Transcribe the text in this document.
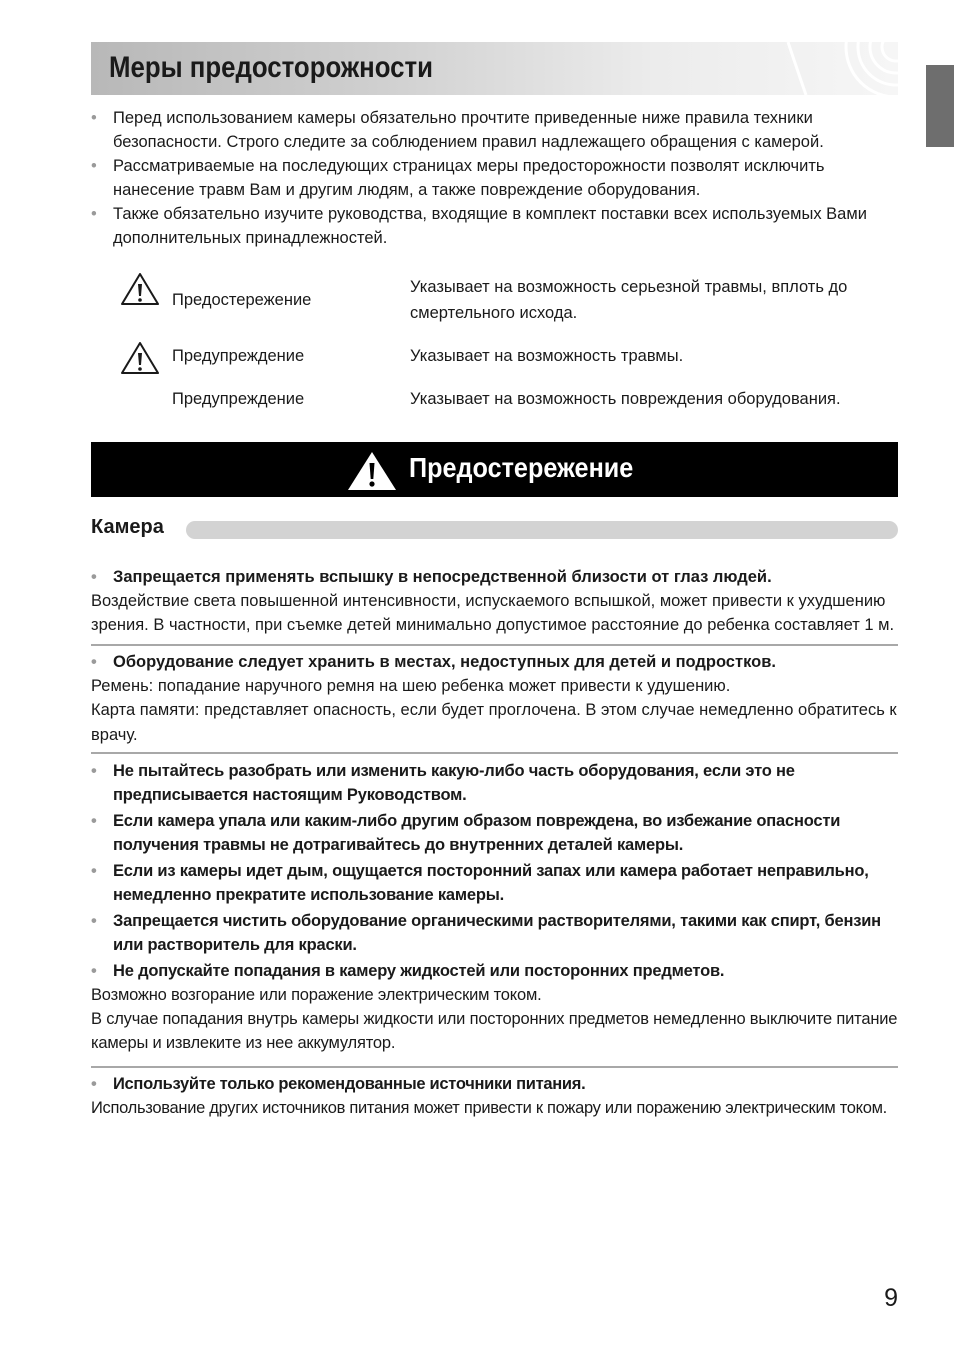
Меры предосторожности
• Перед использованием камеры обязательно прочтите приведенные ниже правила техники безопасности. Строго следите за соблюдением правил надлежащего обращения с камерой.
• Рассматриваемые на последующих страницах меры предосторожности позволят исключить нанесение травм Вам и другим людям, а также повреждение оборудования.
• Также обязательно изучите руководства, входящие в комплект поставки всех используемых Вами дополнительных принадлежностей.
Предостережение
Указывает на возможность серьезной травмы, вплоть до смертельного исхода.
Предупреждение	Указывает на возможность травмы.
Предупреждение	Указывает на возможность повреждения оборудования.
Предостережение
Камера
• Запрещается применять вспышку в непосредственной близости от глаз людей.
Воздействие света повышенной интенсивности, испускаемого вспышкой, может привести к ухудшению зрения. В частности, при съемке детей минимально допустимое расстояние до ребенка составляет 1 м.
• Оборудование следует хранить в местах, недоступных для детей и подростков.
Ремень: попадание наручного ремня на шею ребенка может привести к удушению.
Карта памяти: представляет опасность, если будет проглочена. В этом случае немедленно обратитесь к врачу.
• Не пытайтесь разобрать или изменить какую-либо часть оборудования, если это не предписывается настоящим Руководством.
• Если камера упала или каким-либо другим образом повреждена, во избежание опасности получения травмы не дотрагивайтесь до внутренних деталей камеры.
• Если из камеры идет дым, ощущается посторонний запах или камера работает неправильно, немедленно прекратите использование камеры.
• Запрещается чистить оборудование органическими растворителями, такими как спирт, бензин или растворитель для краски.
• Не допускайте попадания в камеру жидкостей или посторонних предметов.
Возможно возгорание или поражение электрическим током.
В случае попадания внутрь камеры жидкости или посторонних предметов немедленно выключите питание камеры и извлеките из нее аккумулятор.
• Используйте только рекомендованные источники питания.
Использование других источников питания может привести к пожару или поражению электрическим током.
9
